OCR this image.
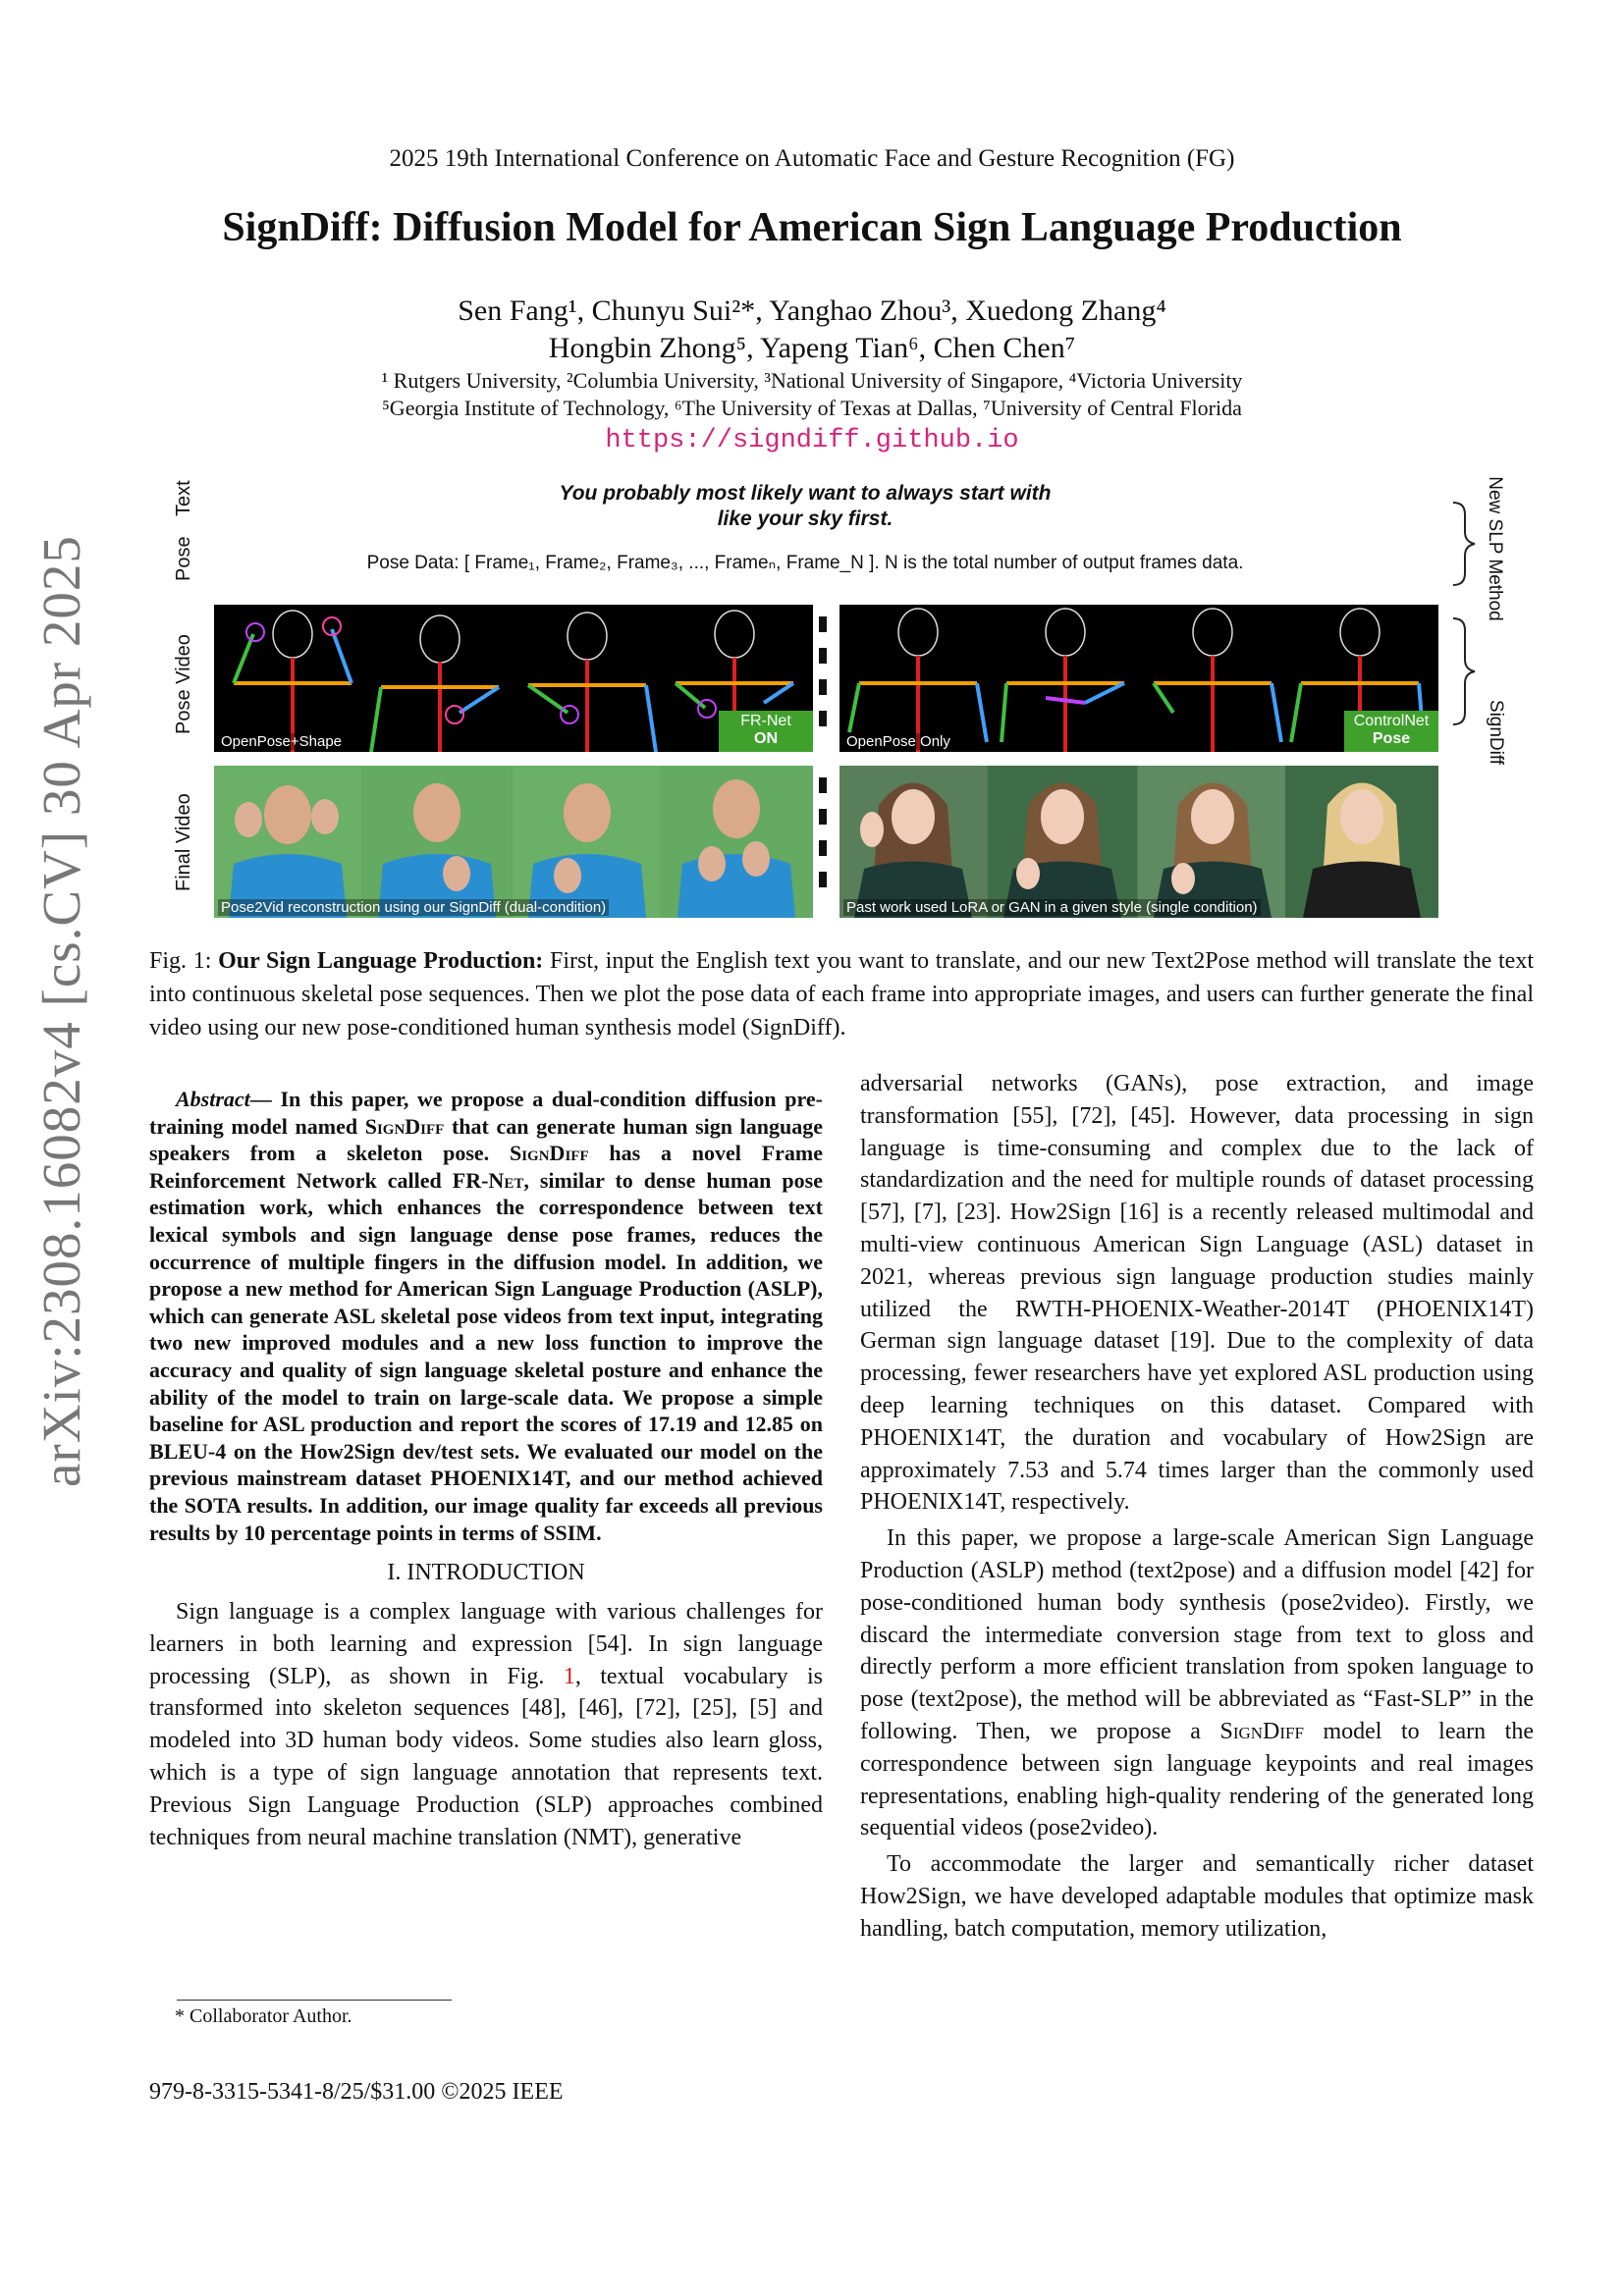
arXiv:2308.16082v4 [cs.CV] 30 Apr 2025
2025 19th International Conference on Automatic Face and Gesture Recognition (FG)
SignDiff: Diffusion Model for American Sign Language Production
Sen Fang¹, Chunyu Sui²*, Yanghao Zhou³, Xuedong Zhang⁴
Hongbin Zhong⁵, Yapeng Tian⁶, Chen Chen⁷
¹ Rutgers University, ²Columbia University, ³National University of Singapore, ⁴Victoria University
⁵Georgia Institute of Technology, ⁶The University of Texas at Dallas, ⁷University of Central Florida
https://signdiff.github.io
Text
Pose
Pose Video
Final Video
You probably most likely want to always start with
like your sky first.
Pose Data: [ Frame₁, Frame₂, Frame₃, ..., Frameₙ, Frame_N ]. N is the total number of output frames data.	New SLP Method
SignDiff
OpenPose+Shape
FR-Net
ON	OpenPose Only
ControlNet
Pose
Pose2Vid reconstruction using our SignDiff (dual-condition)	Past work used LoRA or GAN in a given style (single condition)
Fig. 1: Our Sign Language Production: First, input the English text you want to translate, and our new Text2Pose method will translate the text into continuous skeletal pose sequences. Then we plot the pose data of each frame into appropriate images, and users can further generate the final video using our new pose-conditioned human synthesis model (SignDiff).
Abstract— In this paper, we propose a dual-condition diffusion pre-training model named SignDiff that can generate human sign language speakers from a skeleton pose. SignDiff has a novel Frame Reinforcement Network called FR-Net, similar to dense human pose estimation work, which enhances the correspondence between text lexical symbols and sign language dense pose frames, reduces the occurrence of multiple fingers in the diffusion model. In addition, we propose a new method for American Sign Language Production (ASLP), which can generate ASL skeletal pose videos from text input, integrating two new improved modules and a new loss function to improve the accuracy and quality of sign language skeletal posture and enhance the ability of the model to train on large-scale data. We propose a simple baseline for ASL production and report the scores of 17.19 and 12.85 on BLEU-4 on the How2Sign dev/test sets. We evaluated our model on the previous mainstream dataset PHOENIX14T, and our method achieved the SOTA results. In addition, our image quality far exceeds all previous results by 10 percentage points in terms of SSIM.
I. INTRODUCTION

Sign language is a complex language with various challenges for learners in both learning and expression [54]. In sign language processing (SLP), as shown in Fig. 1, textual vocabulary is transformed into skeleton sequences [48], [46], [72], [25], [5] and modeled into 3D human body videos. Some studies also learn gloss, which is a type of sign language annotation that represents text. Previous Sign Language Production (SLP) approaches combined techniques from neural machine translation (NMT), generative

* Collaborator Author.

adversarial networks (GANs), pose extraction, and image transformation [55], [72], [45]. However, data processing in sign language is time-consuming and complex due to the lack of standardization and the need for multiple rounds of dataset processing [57], [7], [23]. How2Sign [16] is a recently released multimodal and multi-view continuous American Sign Language (ASL) dataset in 2021, whereas previous sign language production studies mainly utilized the RWTH-PHOENIX-Weather-2014T (PHOENIX14T) German sign language dataset [19]. Due to the complexity of data processing, fewer researchers have yet explored ASL production using deep learning techniques on this dataset. Compared with PHOENIX14T, the duration and vocabulary of How2Sign are approximately 7.53 and 5.74 times larger than the commonly used PHOENIX14T, respectively.

In this paper, we propose a large-scale American Sign Language Production (ASLP) method (text2pose) and a diffusion model [42] for pose-conditioned human body synthesis (pose2video). Firstly, we discard the intermediate conversion stage from text to gloss and directly perform a more efficient translation from spoken language to pose (text2pose), the method will be abbreviated as “Fast-SLP” in the following. Then, we propose a SignDiff model to learn the correspondence between sign language keypoints and real images representations, enabling high-quality rendering of the generated long sequential videos (pose2video).

To accommodate the larger and semantically richer dataset How2Sign, we have developed adaptable modules that optimize mask handling, batch computation, memory utilization,

979-8-3315-5341-8/25/$31.00 ©2025 IEEE
